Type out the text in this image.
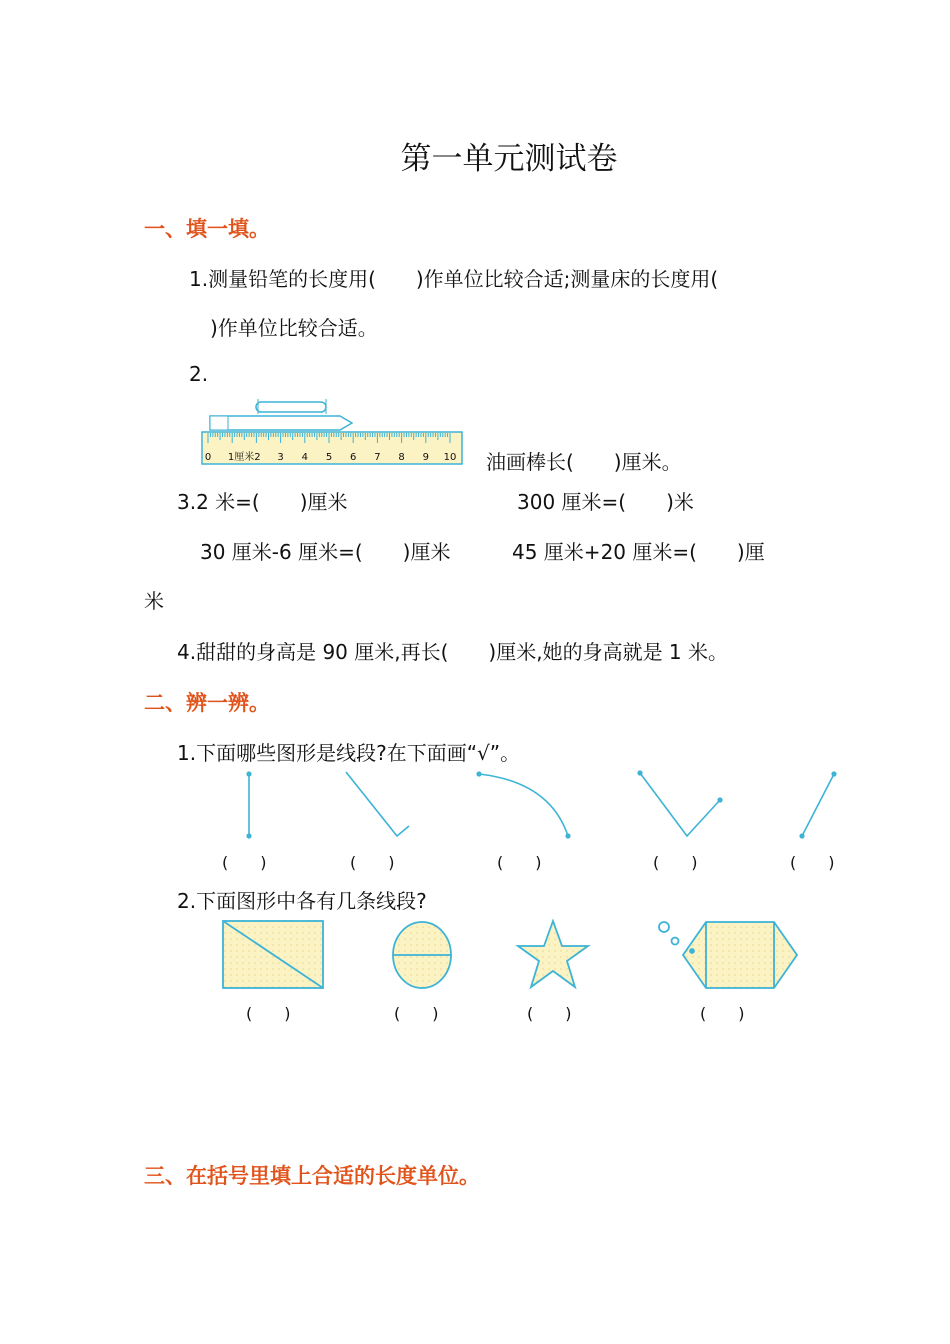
第一单元测试卷
一、填一填。
1.测量铅笔的长度用(　　)作单位比较合适;测量床的长度用(
)作单位比较合适。
2.
0 1厘米2 3 4 5 6 7 8 9 10 油画棒长(　　)厘米。
3.2 米=(　　)厘米	300 厘米=(　　)米
30 厘米-6 厘米=(　　)厘米	45 厘米+20 厘米=(　　)厘
米
4.甜甜的身高是 90 厘米,再长(　　)厘米,她的身高就是 1 米。
二、辨一辨。
1.下面哪些图形是线段?在下面画“√”。
(　　)	(　　)	(　　)	(　　)	(　　)
2.下面图形中各有几条线段?
(　　)	(　　)	(　　)	(　　)
三、在括号里填上合适的长度单位。
